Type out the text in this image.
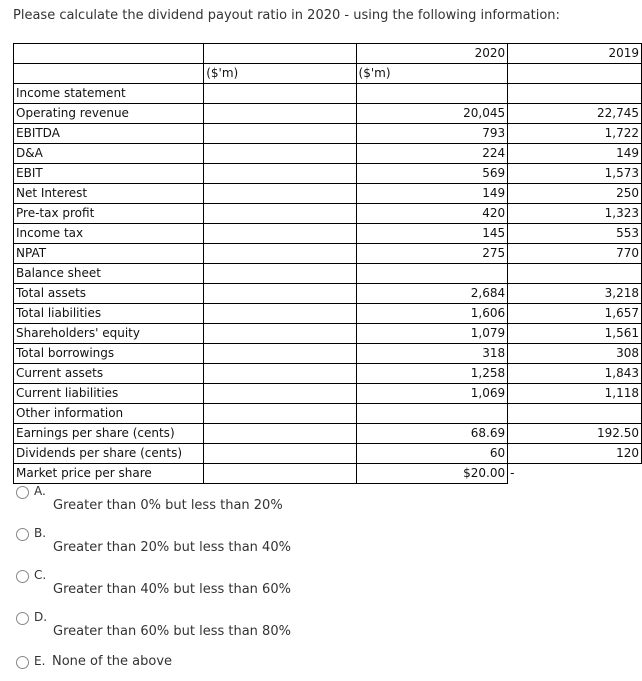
Please calculate the dividend payout ratio in 2020 - using the following information:
		2020	2019
	($'m)	($'m)	
Income statement			
Operating revenue		20,045	22,745
EBITDA		793	1,722
D&A		224	149
EBIT		569	1,573
Net Interest		149	250
Pre-tax profit		420	1,323
Income tax		145	553
NPAT		275	770
Balance sheet			
Total assets		2,684	3,218
Total liabilities		1,606	1,657
Shareholders' equity		1,079	1,561
Total borrowings		318	308
Current assets		1,258	1,843
Current liabilities		1,069	1,118
Other information			
Earnings per share (cents)		68.69	192.50
Dividends per share (cents)		60	120
Market price per share		$20.00	-
A.
Greater than 0% but less than 20%
B.
Greater than 20% but less than 40%
C.
Greater than 40% but less than 60%
D.
Greater than 60% but less than 80%
E. None of the above
